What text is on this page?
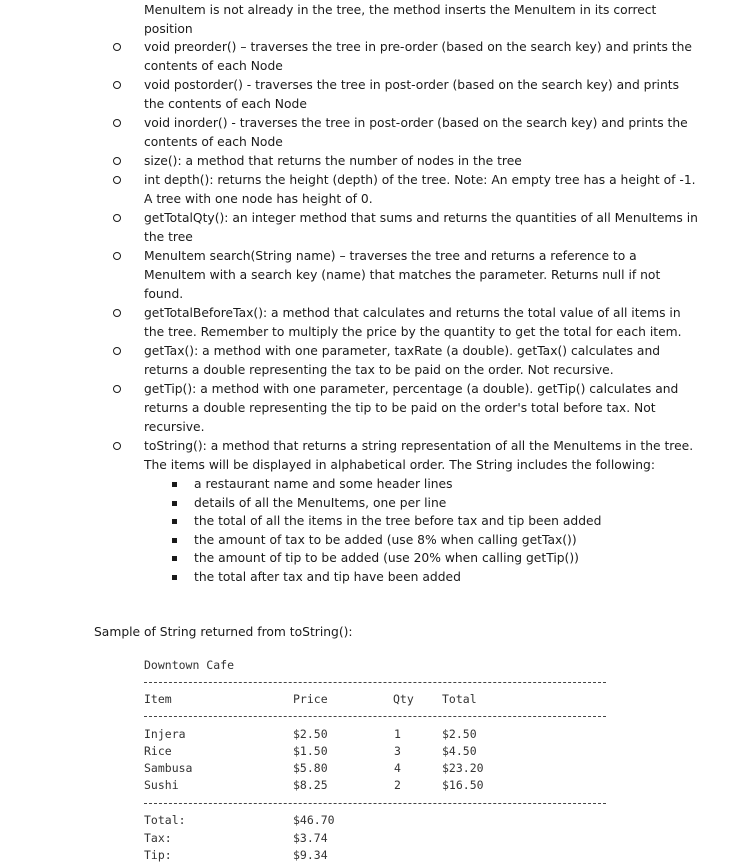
MenuItem is not already in the tree, the method inserts the MenuItem in its correct position
void preorder() – traverses the tree in pre-order (based on the search key) and prints the contents of each Node
void postorder() - traverses the tree in post-order (based on the search key) and prints the contents of each Node
void inorder() - traverses the tree in post-order (based on the search key) and prints the contents of each Node
size(): a method that returns the number of nodes in the tree
int depth(): returns the height (depth) of the tree. Note: An empty tree has a height of -1. A tree with one node has height of 0.
getTotalQty(): an integer method that sums and returns the quantities of all MenuItems in the tree
MenuItem search(String name) – traverses the tree and returns a reference to a MenuItem with a search key (name) that matches the parameter. Returns null if not found.
getTotalBeforeTax(): a method that calculates and returns the total value of all items in the tree. Remember to multiply the price by the quantity to get the total for each item.
getTax(): a method with one parameter, taxRate (a double). getTax() calculates and returns a double representing the tax to be paid on the order. Not recursive.
getTip(): a method with one parameter, percentage (a double). getTip() calculates and returns a double representing the tip to be paid on the order's total before tax. Not recursive.
toString(): a method that returns a string representation of all the MenuItems in the tree. The items will be displayed in alphabetical order. The String includes the following:
a restaurant name and some header lines
details of all the MenuItems, one per line
the total of all the items in the tree before tax and tip been added
the amount of tax to be added (use 8% when calling getTax())
the amount of tip to be added (use 20% when calling getTip())
the total after tax and tip have been added
Sample of String returned from toString():
Downtown Cafe
Item	Price	Qty Total
Injera	$2.50	1	$2.50
Rice	$1.50	3	$4.50
Sambusa	$5.80	4	$23.20
Sushi	$8.25	2	$16.50
Total:	$46.70
Tax:	$3.74
Tip:	$9.34
